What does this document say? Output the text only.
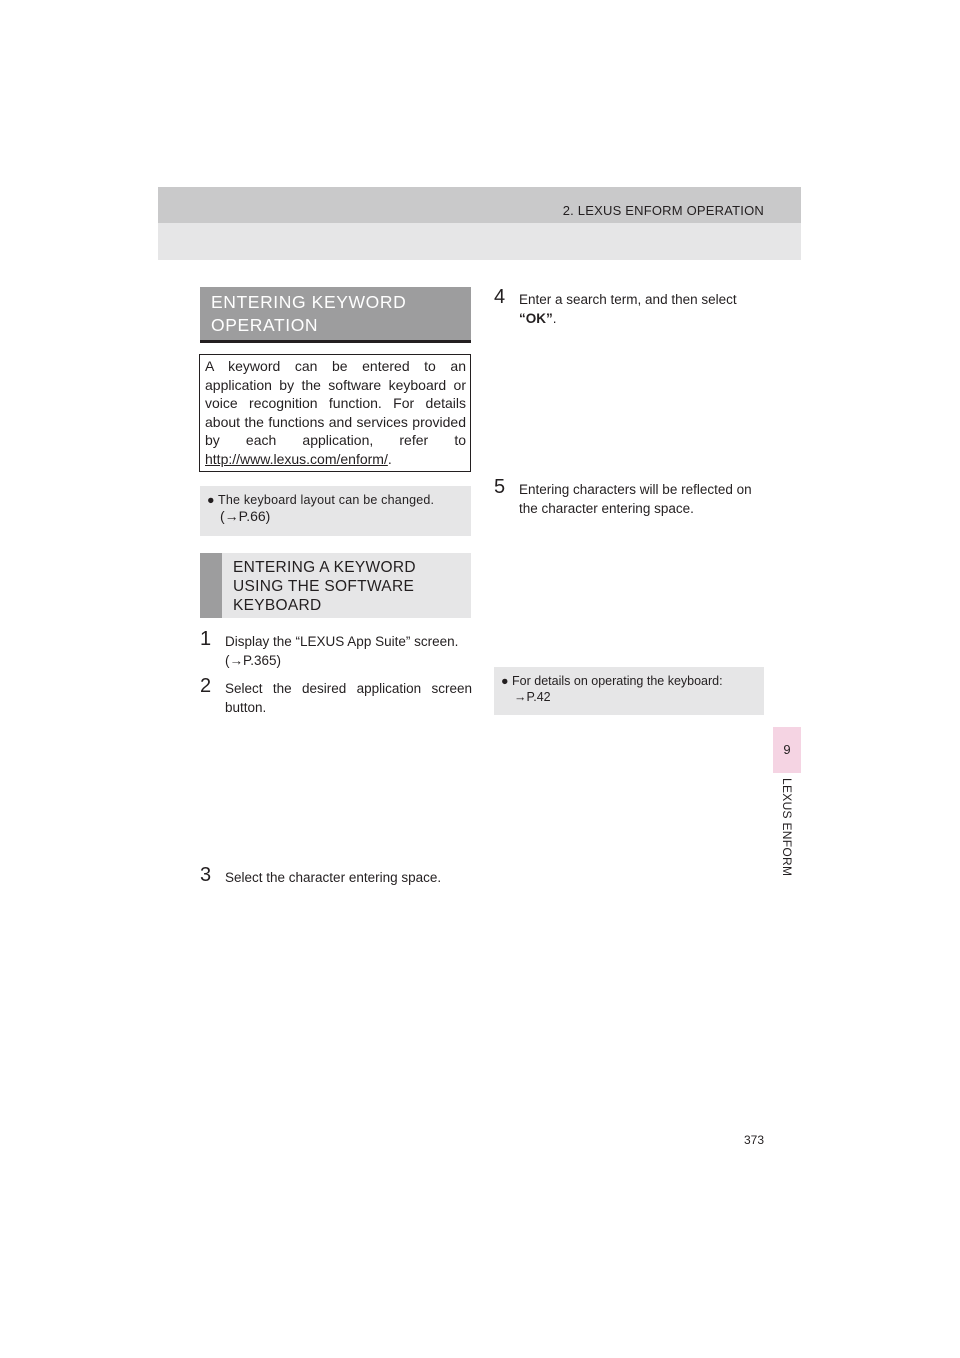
2. LEXUS ENFORM OPERATION
9
LEXUS ENFORM
ENTERING KEYWORD OPERATION
A keyword can be entered to an application by the software keyboard or voice recognition function. For details about the functions and services provided by each application, refer to http://www.lexus.com/enform/.
● The keyboard layout can be changed.
(→P.66)
ENTERING A KEYWORD USING THE SOFTWARE KEYBOARD
1	Display the “LEXUS App Suite” screen.
(→P.365)
2	Select the desired application screen button.
3	Select the character entering space.
4	Enter a search term, and then select
“OK”.
5	Entering characters will be reflected on the character entering space.
● For details on operating the keyboard:
→P.42
373
